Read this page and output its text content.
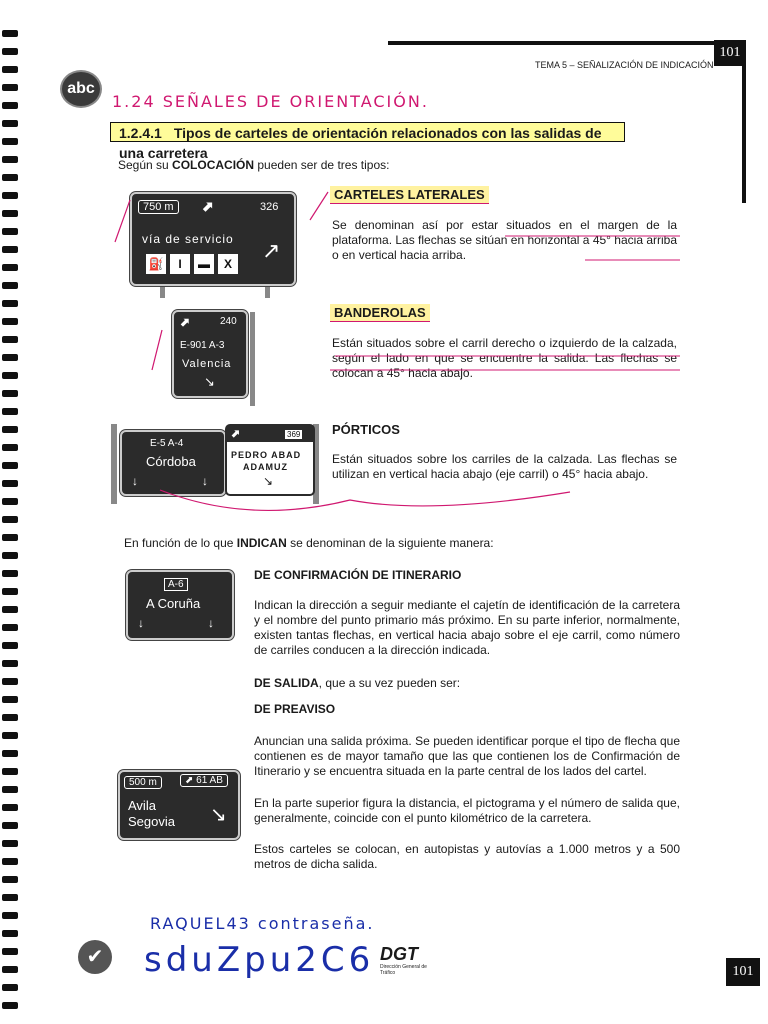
101
TEMA 5 – SEÑALIZACIÓN DE INDICACIÓN
abc
1.24 SEÑALES DE ORIENTACIÓN.
1.2.4.1 Tipos de carteles de orientación relacionados con las salidas de una carretera
Según su COLOCACIÓN pueden ser de tres tipos:
750 m	⬈	326
vía de servicio ↗
⛽ I ▬ X
CARTELES LATERALES
Se denominan así por estar situados en el margen de la plataforma. Las flechas se sitúan en horizontal a 45° hacia arriba o en vertical hacia arriba.
⬈	240
E-901 A-3
Valencia
↘
BANDEROLAS
Están situados sobre el carril derecho o izquierdo de la calzada, según el lado en que se encuentre la salida. Las flechas se colocan a 45° hacia abajo.
E-5 A-4
Córdoba
↓	↓
⬈	369
PEDRO ABAD
ADAMUZ
↘
PÓRTICOS
Están situados sobre los carriles de la calzada. Las flechas se utilizan en vertical hacia abajo (eje carril) o 45° hacia abajo.
En función de lo que INDICAN se denominan de la siguiente manera:
A-6
A Coruña
↓	↓
DE CONFIRMACIÓN DE ITINERARIO
Indican la dirección a seguir mediante el cajetín de identificación de la carretera y el nombre del punto primario más próximo. En su parte inferior, normalmente, existen tantas flechas, en vertical hacia abajo sobre el eje carril, como número de carriles conducen a la dirección indicada.
DE SALIDA, que a su vez pueden ser:
DE PREAVISO
Anuncian una salida próxima. Se pueden identificar porque el tipo de flecha que contienen es de mayor tamaño que las que contienen los de Confirmación de Itinerario y se encuentra situada en la parte central de los lados del cartel.
En la parte superior figura la distancia, el pictograma y el número de salida que, generalmente, coincide con el punto kilométrico de la carretera.
Estos carteles se colocan, en autopistas y autovías a 1.000 metros y a 500 metros de dicha salida.
500 m	⬈ 61 AB
Avila
Segovia ↘
RAQUEL43 contraseña.
sduZpu2C6
✔	DGT
Dirección General de Tráfico	101
